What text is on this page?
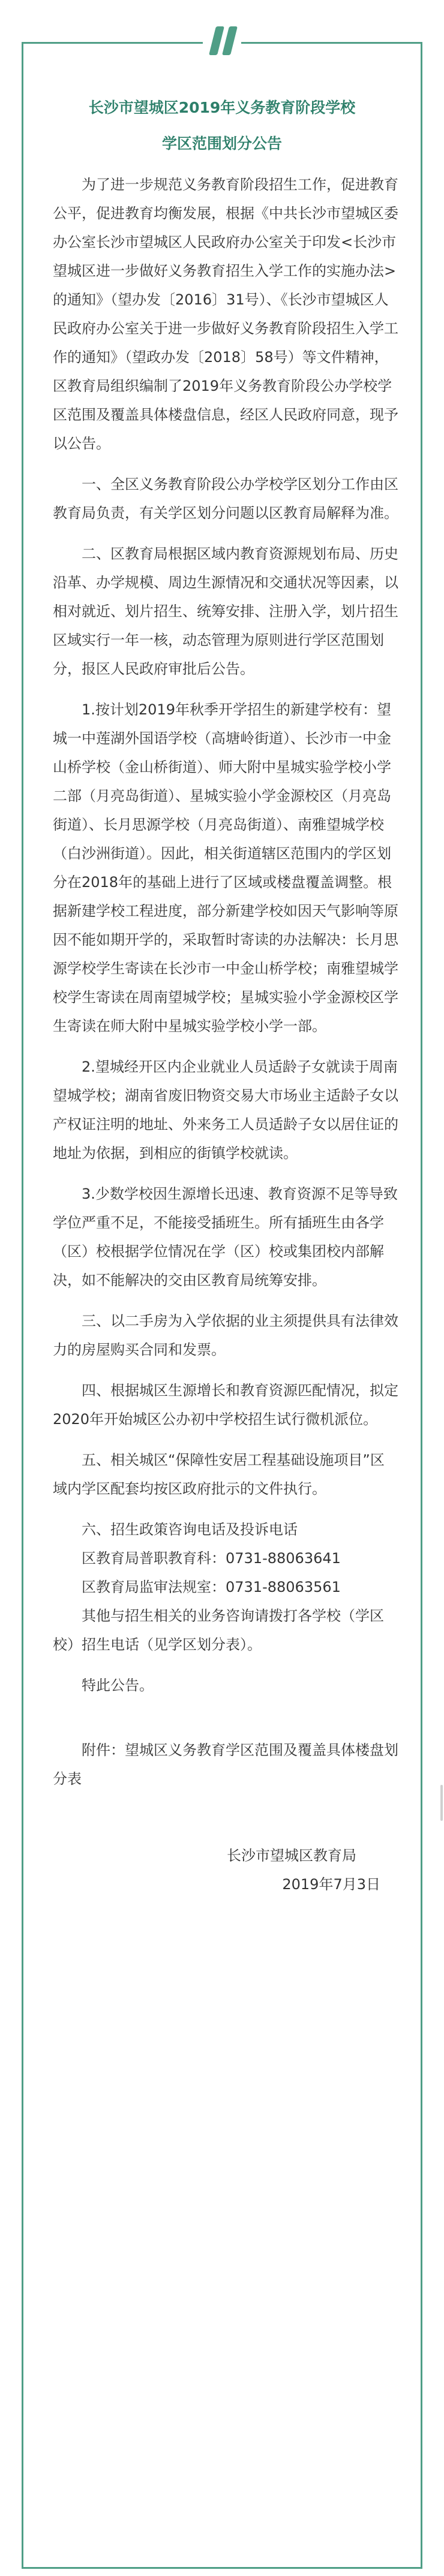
长沙市望城区2019年义务教育阶段学校

学区范围划分公告

为了进一步规范义务教育阶段招生工作，促进教育公平，促进教育均衡发展，根据《中共长沙市望城区委办公室长沙市望城区人民政府办公室关于印发<长沙市望城区进一步做好义务教育招生入学工作的实施办法>的通知》（望办发〔2016〕31号）、《长沙市望城区人民政府办公室关于进一步做好义务教育阶段招生入学工作的通知》（望政办发〔2018〕58号）等文件精神，区教育局组织编制了2019年义务教育阶段公办学校学区范围及覆盖具体楼盘信息，经区人民政府同意，现予以公告。

一、全区义务教育阶段公办学校学区划分工作由区教育局负责，有关学区划分问题以区教育局解释为准。

二、区教育局根据区域内教育资源规划布局、历史沿革、办学规模、周边生源情况和交通状况等因素，以相对就近、划片招生、统筹安排、注册入学，划片招生区域实行一年一核，动态管理为原则进行学区范围划分，报区人民政府审批后公告。

1.按计划2019年秋季开学招生的新建学校有：望城一中莲湖外国语学校（高塘岭街道）、长沙市一中金山桥学校（金山桥街道）、师大附中星城实验学校小学二部（月亮岛街道）、星城实验小学金源校区（月亮岛街道）、长月思源学校（月亮岛街道）、南雅望城学校（白沙洲街道）。因此，相关街道辖区范围内的学区划分在2018年的基础上进行了区域或楼盘覆盖调整。根据新建学校工程进度，部分新建学校如因天气影响等原因不能如期开学的，采取暂时寄读的办法解决：长月思源学校学生寄读在长沙市一中金山桥学校；南雅望城学校学生寄读在周南望城学校；星城实验小学金源校区学生寄读在师大附中星城实验学校小学一部。

2.望城经开区内企业就业人员适龄子女就读于周南望城学校；湖南省废旧物资交易大市场业主适龄子女以产权证注明的地址、外来务工人员适龄子女以居住证的地址为依据，到相应的街镇学校就读。

3.少数学校因生源增长迅速、教育资源不足等导致学位严重不足，不能接受插班生。所有插班生由各学（区）校根据学位情况在学（区）校或集团校内部解决，如不能解决的交由区教育局统筹安排。

三、以二手房为入学依据的业主须提供具有法律效力的房屋购买合同和发票。

四、根据城区生源增长和教育资源匹配情况，拟定2020年开始城区公办初中学校招生试行微机派位。

五、相关城区“保障性安居工程基础设施项目”区域内学区配套均按区政府批示的文件执行。

六、招生政策咨询电话及投诉电话

区教育局普职教育科：0731-88063641

区教育局监审法规室：0731-88063561

其他与招生相关的业务咨询请拨打各学校（学区校）招生电话（见学区划分表）。

特此公告。

附件：望城区义务教育学区范围及覆盖具体楼盘划分表

长沙市望城区教育局

2019年7月3日
